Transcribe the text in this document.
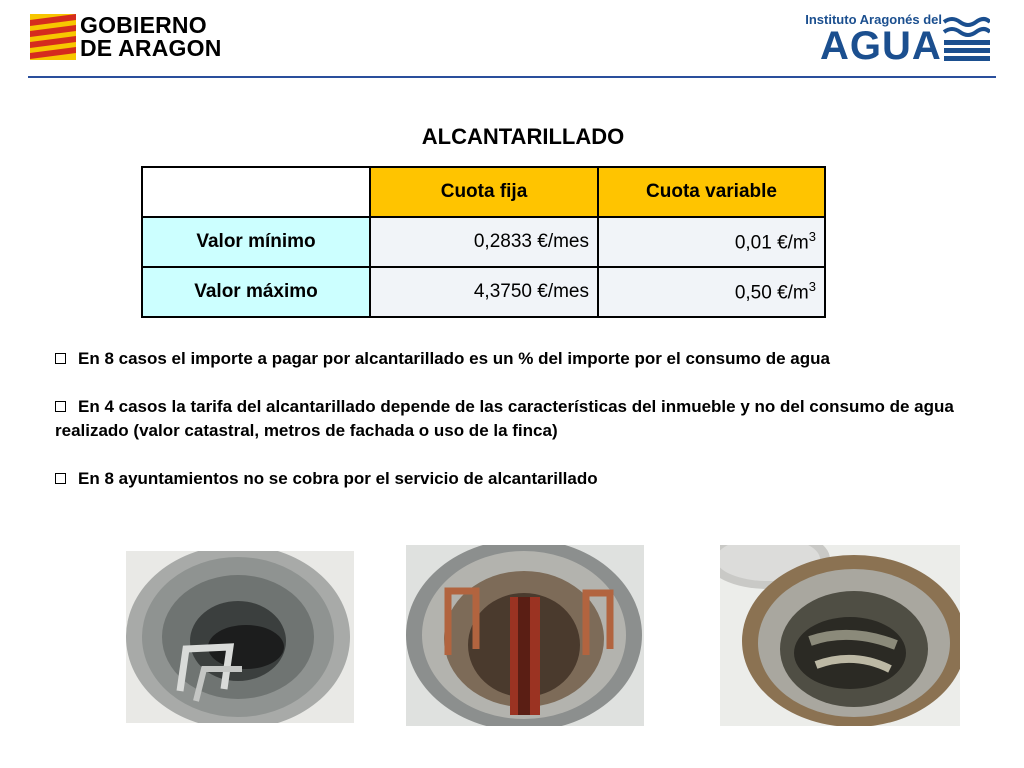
GOBIERNO
DE ARAGON
Instituto Aragonés del
AGUA
ALCANTARILLADO
	Cuota fija	Cuota variable
Valor mínimo	0,2833 €/mes	0,01 $€/m^3$
Valor máximo	4,3750 €/mes	0,50 $€/m^3$
En 8 casos el importe a pagar por alcantarillado es un % del importe por el consumo de agua
En 4 casos la tarifa del alcantarillado depende de las características del inmueble y no del consumo de agua realizado (valor catastral, metros de fachada o uso de la finca)
En 8 ayuntamientos no se cobra por el servicio de alcantarillado
